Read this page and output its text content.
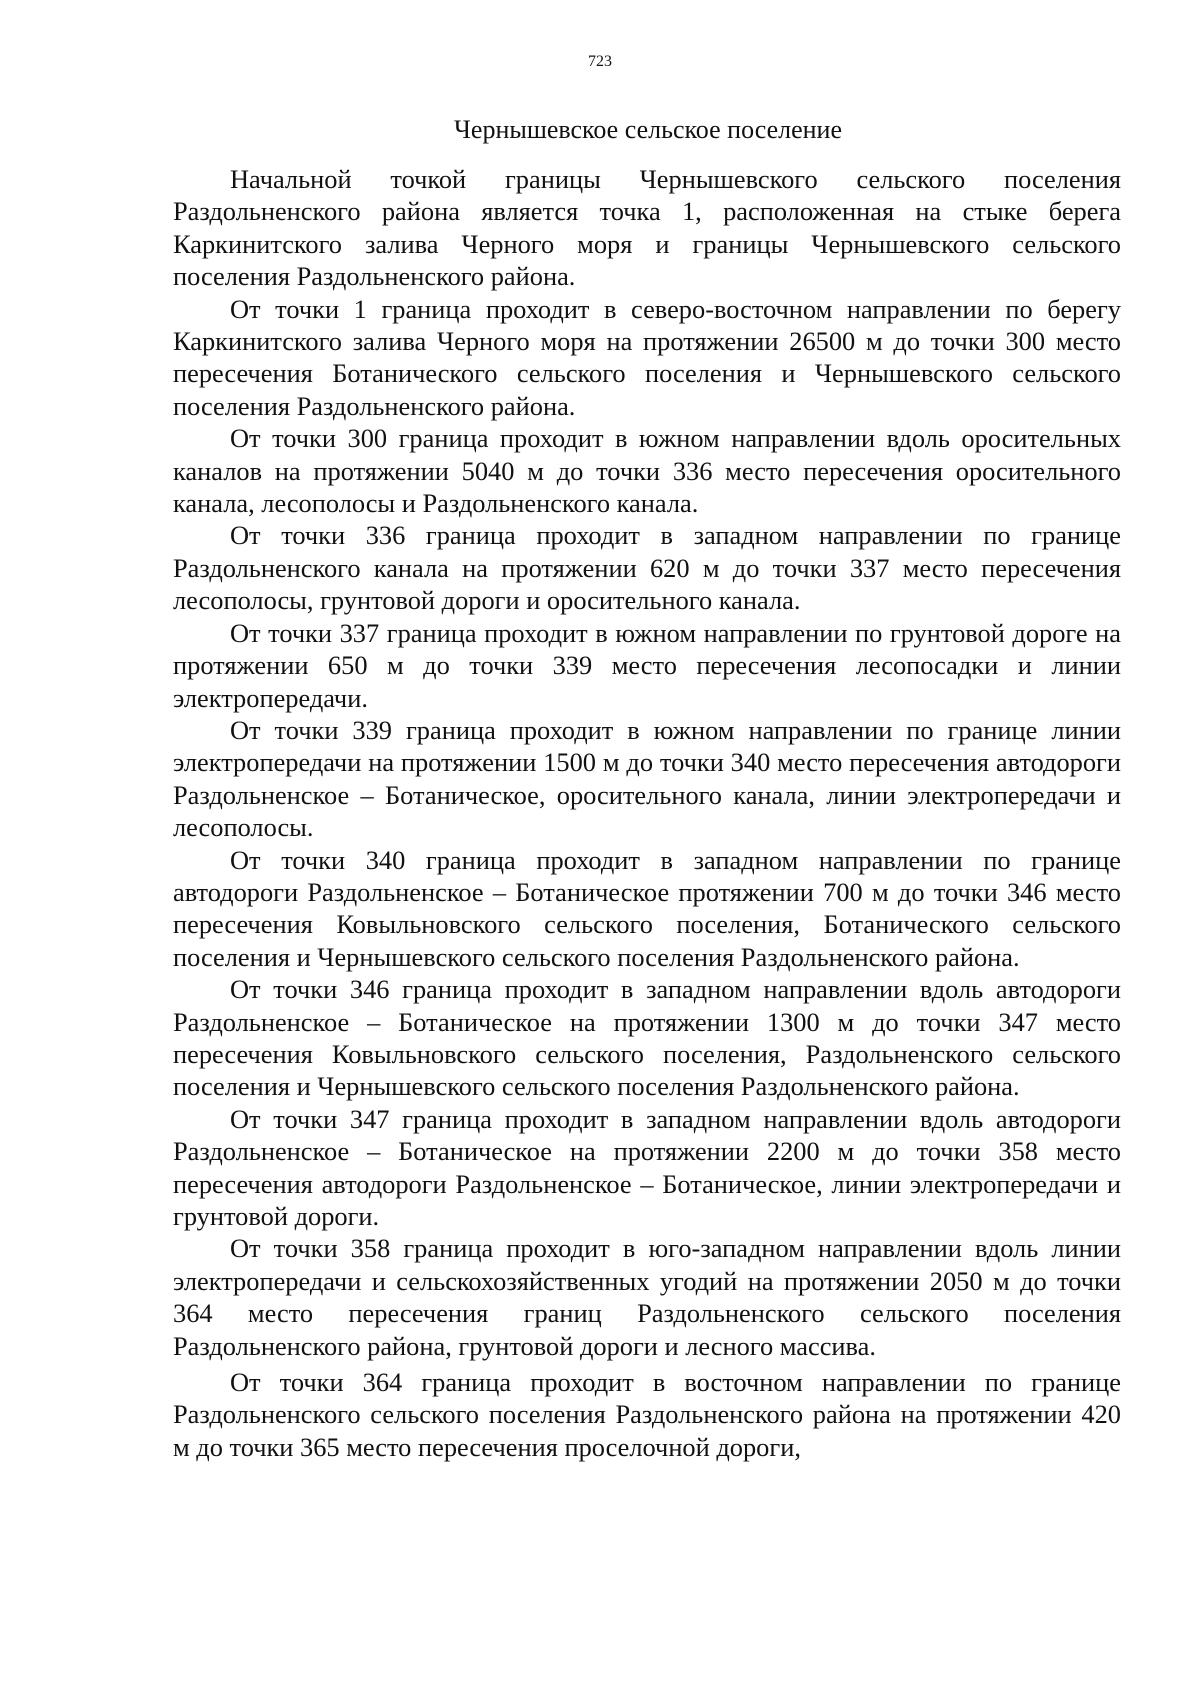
723
Чернышевское сельское поселение

Начальной точкой границы Чернышевского сельского поселения Раздольненского района является точка 1, расположенная на стыке берега Каркинитского залива Черного моря и границы Чернышевского сельского поселения Раздольненского района.

От точки 1 граница проходит в северо-восточном направлении по берегу Каркинитского залива Черного моря на протяжении 26500 м до точки 300 место пересечения Ботанического сельского поселения и Чернышевского сельского поселения Раздольненского района.

От точки 300 граница проходит в южном направлении вдоль оросительных каналов на протяжении 5040 м до точки 336 место пересечения оросительного канала, лесополосы и Раздольненского канала.

От точки 336 граница проходит в западном направлении по границе Раздольненского канала на протяжении 620 м до точки 337 место пересечения лесополосы, грунтовой дороги и оросительного канала.

От точки 337 граница проходит в южном направлении по грунтовой дороге на протяжении 650 м до точки 339 место пересечения лесопосадки и линии электропередачи.

От точки 339 граница проходит в южном направлении по границе линии электропередачи на протяжении 1500 м до точки 340 место пересечения автодороги Раздольненское – Ботаническое, оросительного канала, линии электропередачи и лесополосы.

От точки 340 граница проходит в западном направлении по границе автодороги Раздольненское – Ботаническое протяжении 700 м до точки 346 место пересечения Ковыльновского сельского поселения, Ботанического сельского поселения и Чернышевского сельского поселения Раздольненского района.

От точки 346 граница проходит в западном направлении вдоль автодороги Раздольненское – Ботаническое на протяжении 1300 м до точки 347 место пересечения Ковыльновского сельского поселения, Раздольненского сельского поселения и Чернышевского сельского поселения Раздольненского района.

От точки 347 граница проходит в западном направлении вдоль автодороги Раздольненское – Ботаническое на протяжении 2200 м до точки 358 место пересечения автодороги Раздольненское – Ботаническое, линии электропередачи и грунтовой дороги.

От точки 358 граница проходит в юго-западном направлении вдоль линии электропередачи и сельскохозяйственных угодий на протяжении 2050 м до точки 364 место пересечения границ Раздольненского сельского поселения Раздольненского района, грунтовой дороги и лесного массива.

От точки 364 граница проходит в восточном направлении по границе Раздольненского сельского поселения Раздольненского района на протяжении 420 м до точки 365 место пересечения проселочной дороги,
